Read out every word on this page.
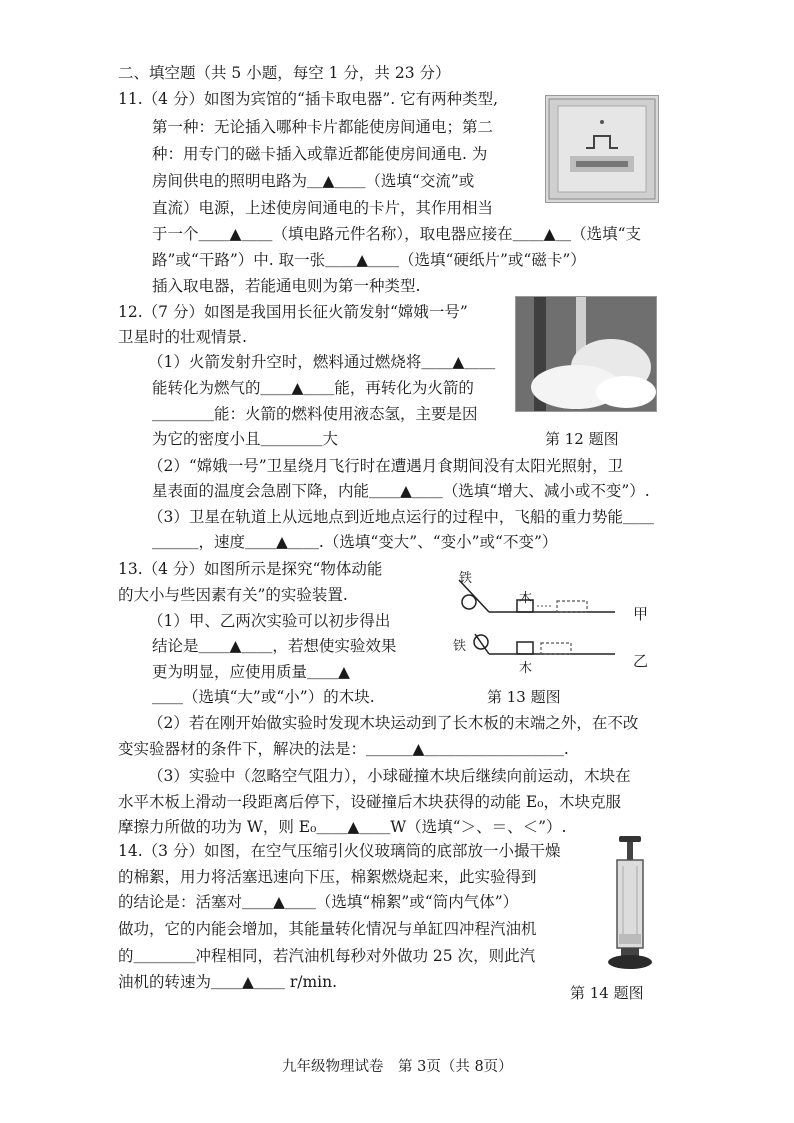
二、填空题（共 5 小题，每空 1 分，共 23 分）
11.（4 分）如图为宾馆的“插卡取电器”. 它有两种类型,
第一种：无论插入哪种卡片都能使房间通电；第二
种：用专门的磁卡插入或靠近都能使房间通电. 为
房间供电的照明电路为＿▲＿＿（选填“交流”或
直流）电源，上述使房间通电的卡片，其作用相当
于一个＿＿▲＿＿（填电路元件名称），取电器应接在＿＿▲＿（选填“支
路”或“干路”）中. 取一张＿＿▲＿＿（选填“硬纸片”或“磁卡”）
插入取电器，若能通电则为第一种类型.
12.（7 分）如图是我国用长征火箭发射“嫦娥一号”
卫星时的壮观情景.
（1）火箭发射升空时，燃料通过燃烧将＿＿▲＿＿
能转化为燃气的＿＿▲＿＿能，再转化为火箭的
＿＿＿＿能：火箭的燃料使用液态氢，主要是因
为它的密度小且＿＿＿＿大
（2）“嫦娥一号”卫星绕月飞行时在遭遇月食期间没有太阳光照射，卫
星表面的温度会急剧下降，内能＿＿▲＿＿（选填“增大、减小或不变”）.
（3）卫星在轨道上从远地点到近地点运行的过程中，飞船的重力势能＿＿
＿＿＿，速度＿＿▲＿＿.（选填“变大”、“变小”或“不变”）
第 12 题图
13.（4 分）如图所示是探究“物体动能
的大小与些因素有关”的实验装置.
（1）甲、乙两次实验可以初步得出
结论是＿＿▲＿＿，若想使实验效果
更为明显，应使用质量＿＿▲
＿＿（选填“大”或“小”）的木块.
（2）若在刚开始做实验时发现木块运动到了长木板的末端之外，在不改
变实验器材的条件下，解决的法是：＿＿＿▲＿＿＿＿＿＿＿＿＿.
（3）实验中（忽略空气阻力），小球碰撞木块后继续向前运动，木块在
水平木板上滑动一段距离后停下，设碰撞后木块获得的动能 E₀，木块克服
摩擦力所做的功为 W，则 E₀＿＿▲＿＿W（选填“＞、＝、＜”）.
铁
木
甲
铁
木	乙
第 13 题图
14.（3 分）如图，在空气压缩引火仪玻璃筒的底部放一小撮干燥
的棉絮，用力将活塞迅速向下压，棉絮燃烧起来，此实验得到
的结论是：活塞对＿＿▲＿＿（选填“棉絮”或“筒内气体”）
做功，它的内能会增加，其能量转化情况与单缸四冲程汽油机
的＿＿＿＿冲程相同，若汽油机每秒对外做功 25 次，则此汽
油机的转速为＿＿▲＿＿ r/min.
第 14 题图
九年级物理试卷　第 3页（共 8页）
